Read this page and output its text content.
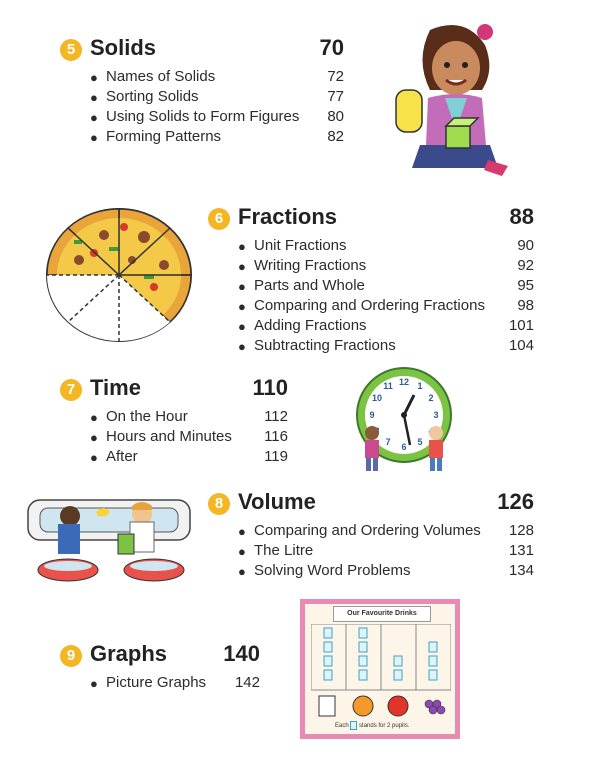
5 Solids	70
● Names of Solids	72
● Sorting Solids	77
● Using Solids to Form Figures 80
● Forming Patterns	82
6 Fractions	88
● Unit Fractions	90
● Writing Fractions	92
● Parts and Whole	95
● Comparing and Ordering Fractions 98
● Adding Fractions	101
● Subtracting Fractions	104
7 Time	110
● On the Hour	112
● Hours and Minutes 116
● After	119
12 1
2
3
5
6
7
9
10
11
8 Volume	126
● Comparing and Ordering Volumes 128
● The Litre	131
● Solving Word Problems	134
Our Favourite Drinks
Each stands for 2 pupils.
9 Graphs	140
● Picture Graphs 142
